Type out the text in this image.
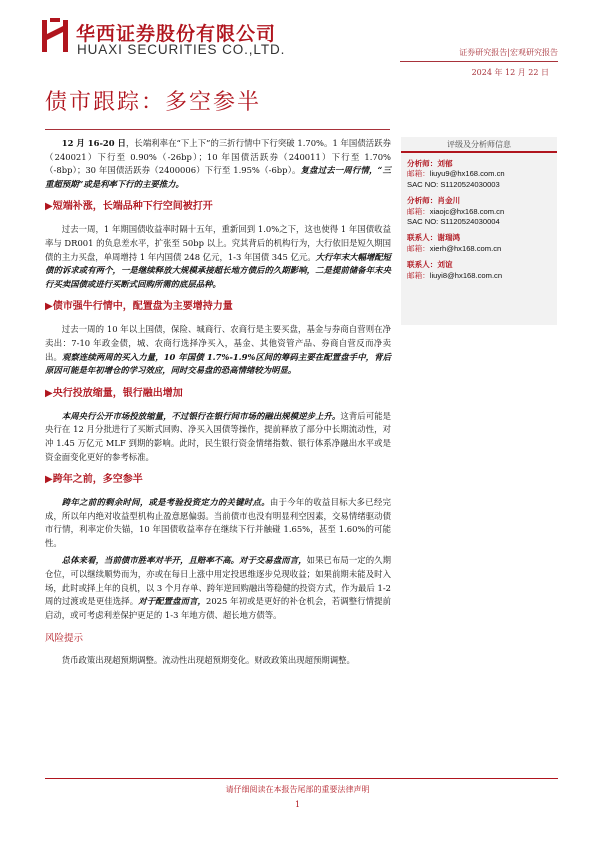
华西证券股份有限公司
HUAXI SECURITIES CO.,LTD.	证券研究报告|宏观研究报告
2024 年 12 月 22 日
债市跟踪：多空参半

12 月 16-20 日，长端利率在“下上下”的三折行情中下行突破 1.70%。1 年国债活跃券（240021）下行至 0.90%（-26bp）；10 年国债活跃券（240011）下行至 1.70%（-8bp）；30 年国债活跃券（2400006）下行至 1.95%（-6bp）。复盘过去一周行情，“三重超预期”或是利率下行的主要推力。

▶短端补涨，长端品种下行空间被打开

过去一周，1 年期国债收益率时隔十五年，重新回到 1.0%之下，这也使得 1 年国债收益率与 DR001 的负息差水平，扩张至 50bp 以上。究其背后的机构行为，大行依旧是短久期国债的主力买盘，单周增持 1 年内国债 248 亿元，1-3 年国债 345 亿元。大行年末大幅增配短债的诉求或有两个，一是继续释放大规模承接超长地方债后的久期影响，二是提前储备年末央行买卖国债或进行买断式回购所需的底层品种。

▶债市强牛行情中，配置盘为主要增持力量

过去一周的 10 年以上国债，保险、城商行、农商行是主要买盘，基金与券商自营则在净卖出：7-10 年政金债，城、农商行选择净买入，基金、其他资管产品、券商自营反而净卖出。观察连续两周的买入力量，10 年国债 1.7%-1.9%区间的筹码主要在配置盘手中，背后原因可能是年初增仓的学习效应，同时交易盘的恐高情绪较为明显。

▶央行投放缩量，银行融出增加

本周央行公开市场投放缩量，不过银行在银行间市场的融出规模逆步上升。这背后可能是央行在 12 月分批进行了买断式回购、净买入国债等操作，提前释放了部分中长期流动性，对冲 1.45 万亿元 MLF 到期的影响。此时，民生银行资金情绪指数、银行体系净融出水平或是资金面变化更好的参考标准。

▶跨年之前，多空参半

跨年之前的剩余时间，或是考验投资定力的关键时点。由于今年的收益目标大多已经完成，所以年内绝对收益型机构止盈意愿偏弱。当前债市也没有明显利空因素，交易情绪驱动债市行情，利率定价失锚，10 年国债收益率存在继续下行并触碰 1.65%，甚至 1.60%的可能性。

总体来看，当前债市胜率对半开，且赔率不高。对于交易盘而言，如果已布局一定的久期仓位，可以继续顺势而为，亦或在每日上涨中用定投思维逐步兑现收益；如果前期未能及时入场，此时或择上年的良机，以 3 个月存单、跨年逆回购融出等稳健的投资方式，作为最后 1-2 周的过渡或是更佳选择。对于配置盘而言，2025 年初或是更好的补仓机会，若调整行情提前启动，或可考虑利差保护更足的 1-3 年地方债、超长地方债等。

风险提示

货币政策出现超预期调整。流动性出现超预期变化。财政政策出现超预期调整。

评级及分析师信息
分析师：刘郁
邮箱：liuyu9@hx168.com.cn
SAC NO: S1120524030003
分析师：肖金川
邮箱：xiaojc@hx168.com.cn
SAC NO: S1120524030004
联系人：谢瑞鸿
邮箱：xierh@hx168.com.cn
联系人：刘谊
邮箱：liuyi8@hx168.com.cn
请仔细阅读在本报告尾部的重要法律声明
1
